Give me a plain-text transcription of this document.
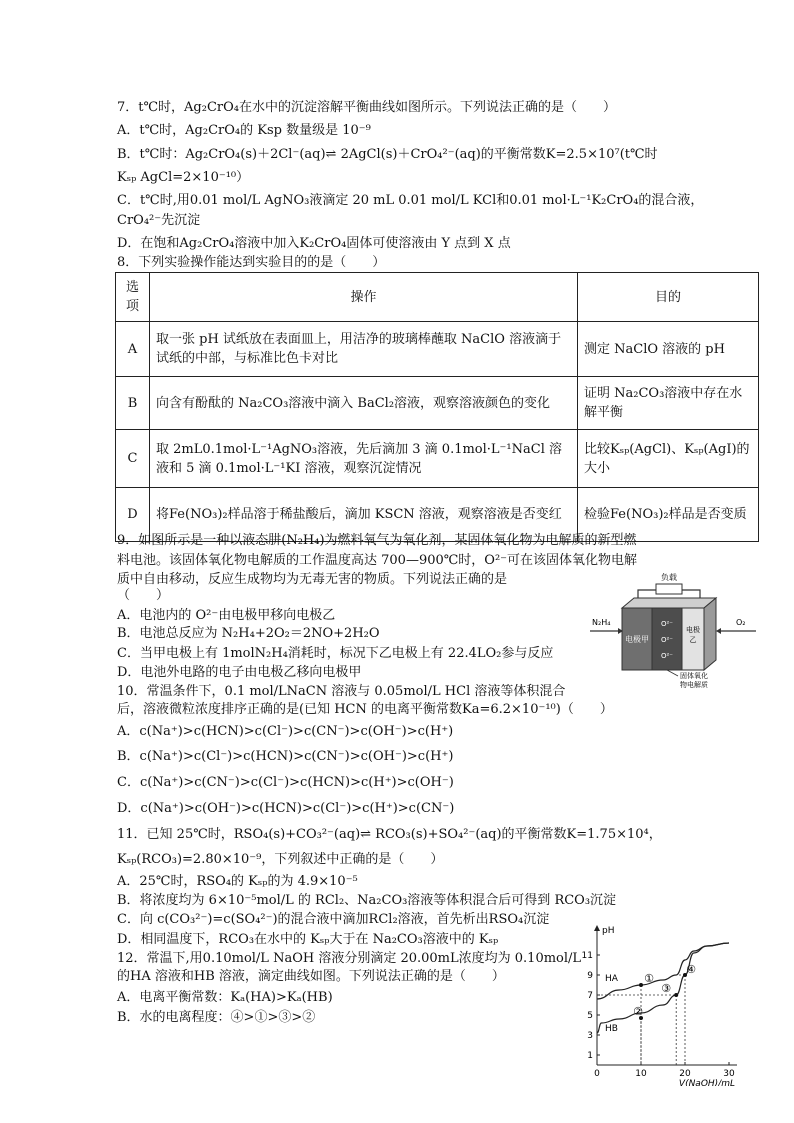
7．t℃时，Ag₂CrO₄在水中的沉淀溶解平衡曲线如图所示。下列说法正确的是（　　）
A．t℃时，Ag₂CrO₄的 Ksp 数量级是 10⁻⁹
B．t℃时：Ag₂CrO₄(s)＋2Cl⁻(aq)⇌ 2AgCl(s)＋CrO₄²⁻(aq)的平衡常数K=2.5×10⁷(t℃时
Kₛₚ AgCl=2×10⁻¹⁰）
C．t℃时,用0.01 mol/L AgNO₃液滴定 20 mL 0.01 mol/L KCl和0.01 mol·L⁻¹K₂CrO₄的混合液，
CrO₄²⁻先沉淀
D．在饱和Ag₂CrO₄溶液中加入K₂CrO₄固体可使溶液由 Y 点到 X 点
8．下列实验操作能达到实验目的的是（　　）
选项	操作	目的
A	取一张 pH 试纸放在表面皿上，用洁净的玻璃棒蘸取 NaClO 溶液滴于试纸的中部，与标准比色卡对比	测定 NaClO 溶液的 pH
B	向含有酚酞的 Na₂CO₃溶液中滴入 BaCl₂溶液，观察溶液颜色的变化	证明 Na₂CO₃溶液中存在水解平衡
C	取 2mL0.1mol·L⁻¹AgNO₃溶液，先后滴加 3 滴 0.1mol·L⁻¹NaCl 溶液和 5 滴 0.1mol·L⁻¹KI 溶液，观察沉淀情况	比较Kₛₚ(AgCl)、Kₛₚ(AgI)的大小
D	将Fe(NO₃)₂样品溶于稀盐酸后，滴加 KSCN 溶液，观察溶液是否变红	检验Fe(NO₃)₂样品是否变质
9．如图所示是一种以液态肼(N₂H₄)为燃料氧气为氧化剂，某固体氧化物为电解质的新型燃
料电池。该固体氧化物电解质的工作温度高达 700—900℃时，O²⁻可在该固体氧化物电解
质中自由移动，反应生成物均为无毒无害的物质。下列说法正确的是
（　　）
A．电池内的 O²⁻由电极甲移向电极乙
B．电池总反应为 N₂H₄+2O₂＝2NO+2H₂O
C．当甲电极上有 1molN₂H₄消耗时，标况下乙电极上有 22.4LO₂参与反应
D．电池外电路的电子由电极乙移向电极甲
负载
电极甲
O²⁻
O²⁻
O²⁻
电极乙
N₂H₄	O₂
固体氧化
物电解质
10．常温条件下，0.1 mol/LNaCN 溶液与 0.05mol/L HCl 溶液等体积混合
后，溶液微粒浓度排序正确的是(已知 HCN 的电离平衡常数Ka=6.2×10⁻¹⁰)（　　）
A．c(Na⁺)>c(HCN)>c(Cl⁻)>c(CN⁻)>c(OH⁻)>c(H⁺)
B．c(Na⁺)>c(Cl⁻)>c(HCN)>c(CN⁻)>c(OH⁻)>c(H⁺)
C．c(Na⁺)>c(CN⁻)>c(Cl⁻)>c(HCN)>c(H⁺)>c(OH⁻)
D．c(Na⁺)>c(OH⁻)>c(HCN)>c(Cl⁻)>c(H⁺)>c(CN⁻)
11．已知 25℃时，RSO₄(s)+CO₃²⁻(aq)⇌ RCO₃(s)+SO₄²⁻(aq)的平衡常数K=1.75×10⁴，
Kₛₚ(RCO₃)=2.80×10⁻⁹，下列叙述中正确的是（　　）
A．25℃时，RSO₄的 Kₛₚ的为 4.9×10⁻⁵
B．将浓度均为 6×10⁻⁵mol/L 的 RCl₂、Na₂CO₃溶液等体积混合后可得到 RCO₃沉淀
C．向 c(CO₃²⁻)=c(SO₄²⁻)的混合液中滴加RCl₂溶液，首先析出RSO₄沉淀
D．相同温度下，RCO₃在水中的 Kₛₚ大于在 Na₂CO₃溶液中的 Kₛₚ
12．常温下,用0.10mol/L NaOH 溶液分别滴定 20.00mL浓度均为 0.10mol/L
的HA 溶液和HB 溶液，滴定曲线如图。下列说法正确的是（　　）
A．电离平衡常数：Kₐ(HA)>Kₐ(HB)
B．水的电离程度：④>①>③>②
0	10	20	30
1
3
5
7
9
11
HA
HB
①
②
③
④
pH
V(NaOH)/mL
